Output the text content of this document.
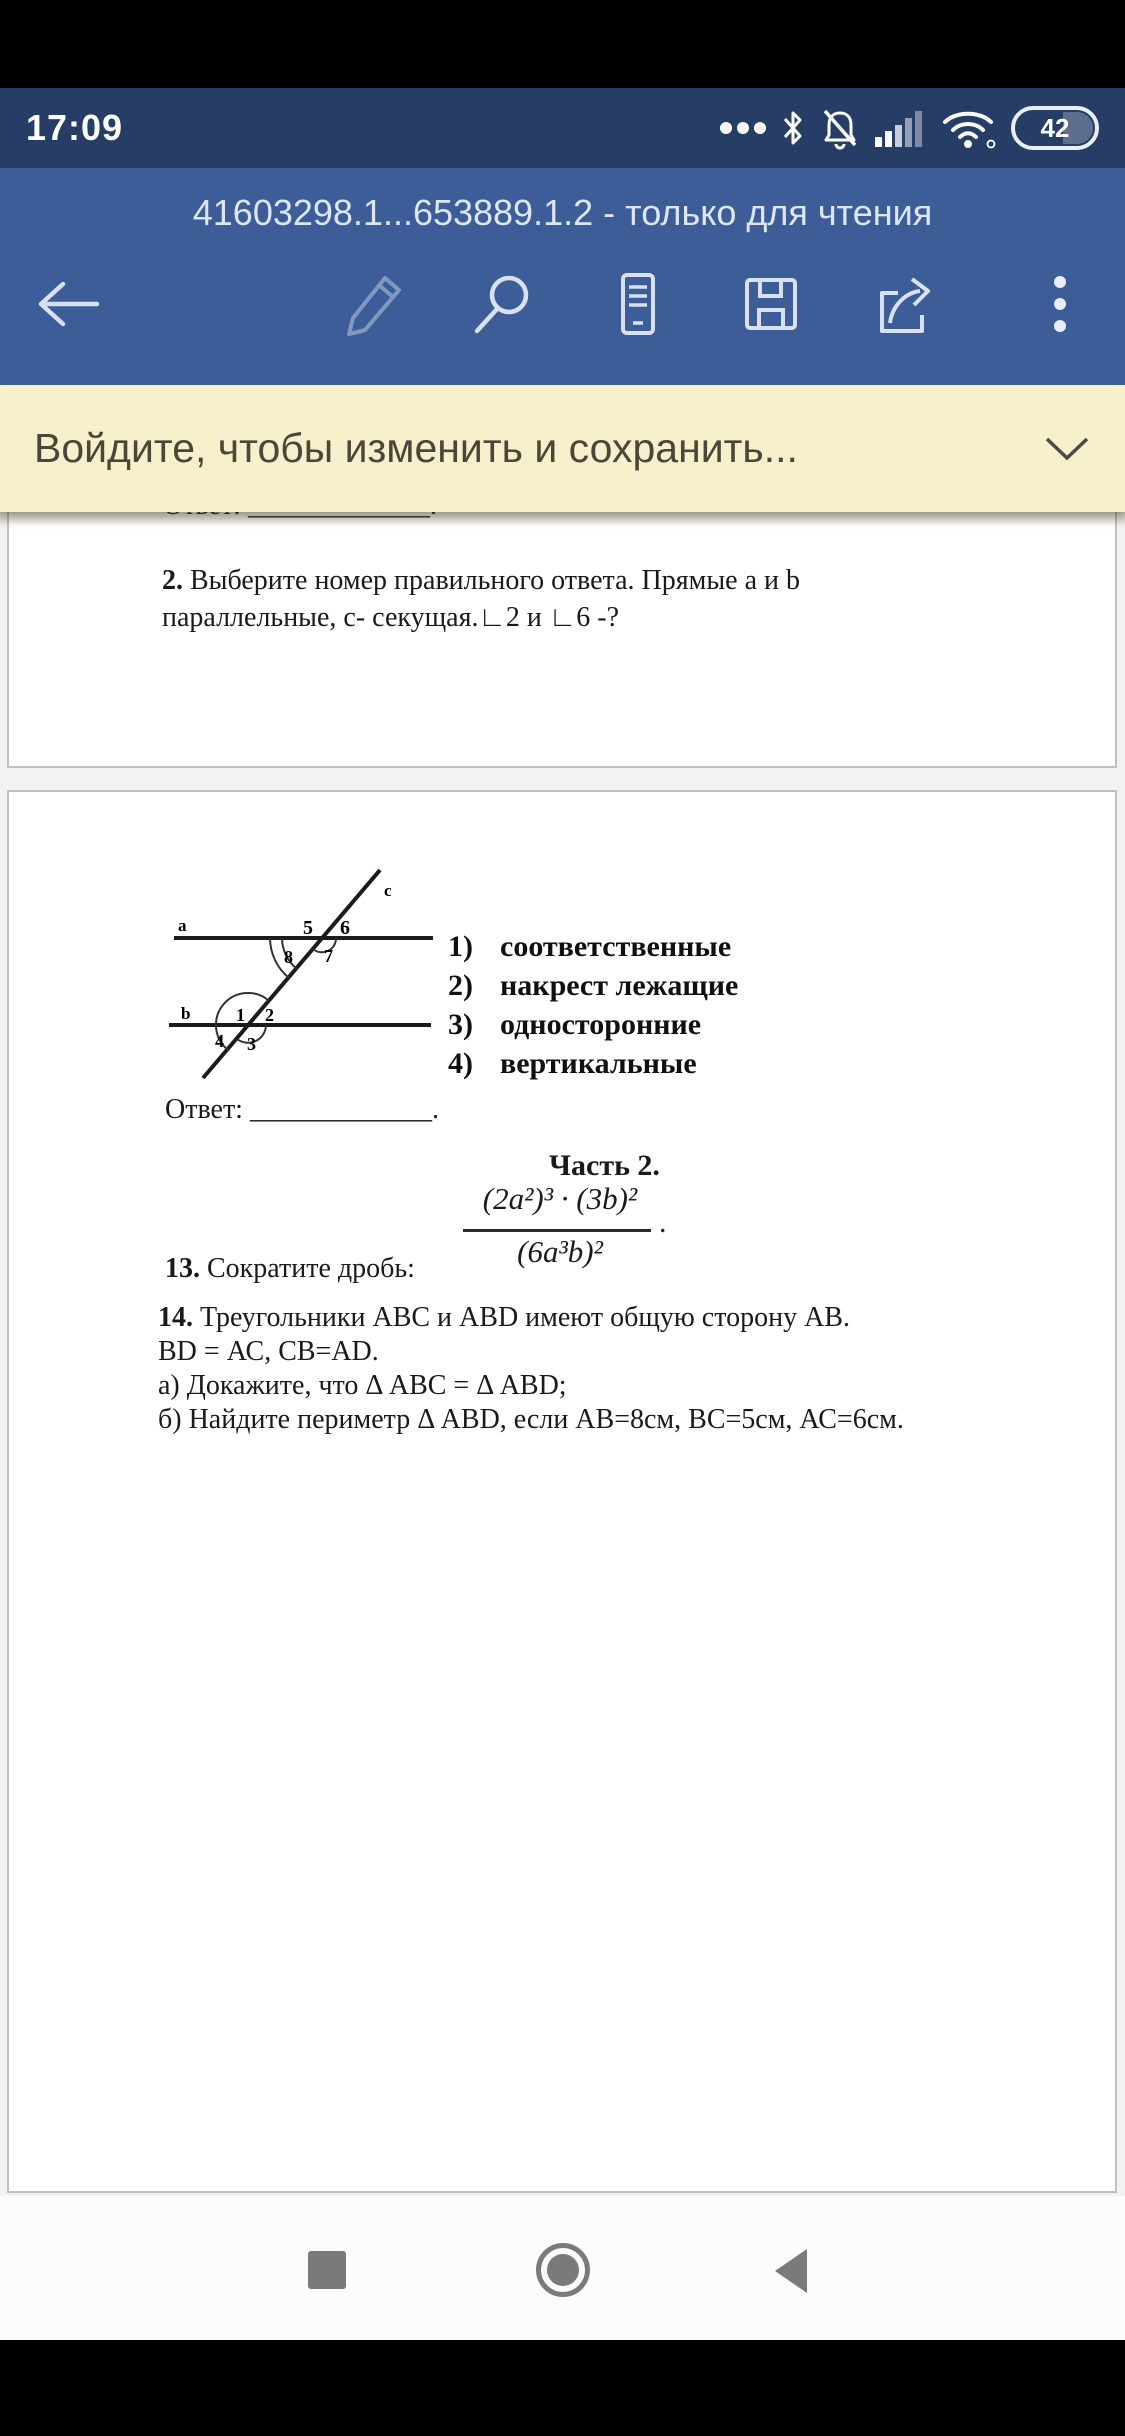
17:09	42
41603298.1...653889.1.2 - только для чтения
2. Выберите номер правильного ответа. Прямые а и b параллельные, с- секущая.∟2 и ∟6 -?
a
b
c
5 6
7
8
1 2
4 3
1) соответственные
2) накрест лежащие
3) односторонние
4) вертикальные
Ответ: _____________.
Часть 2.
(2a²)³ · (3b)²
(6a³b)²
.
13. Сократите дробь:
14. Треугольники АВС и АВD имеют общую сторону АВ.
BD = АС, СВ=АD.
а) Докажите, что Δ АВС = Δ АВD;
б) Найдите периметр Δ АВD, если АВ=8см, ВС=5см, АС=6см.
Войдите, чтобы изменить и сохранить...
